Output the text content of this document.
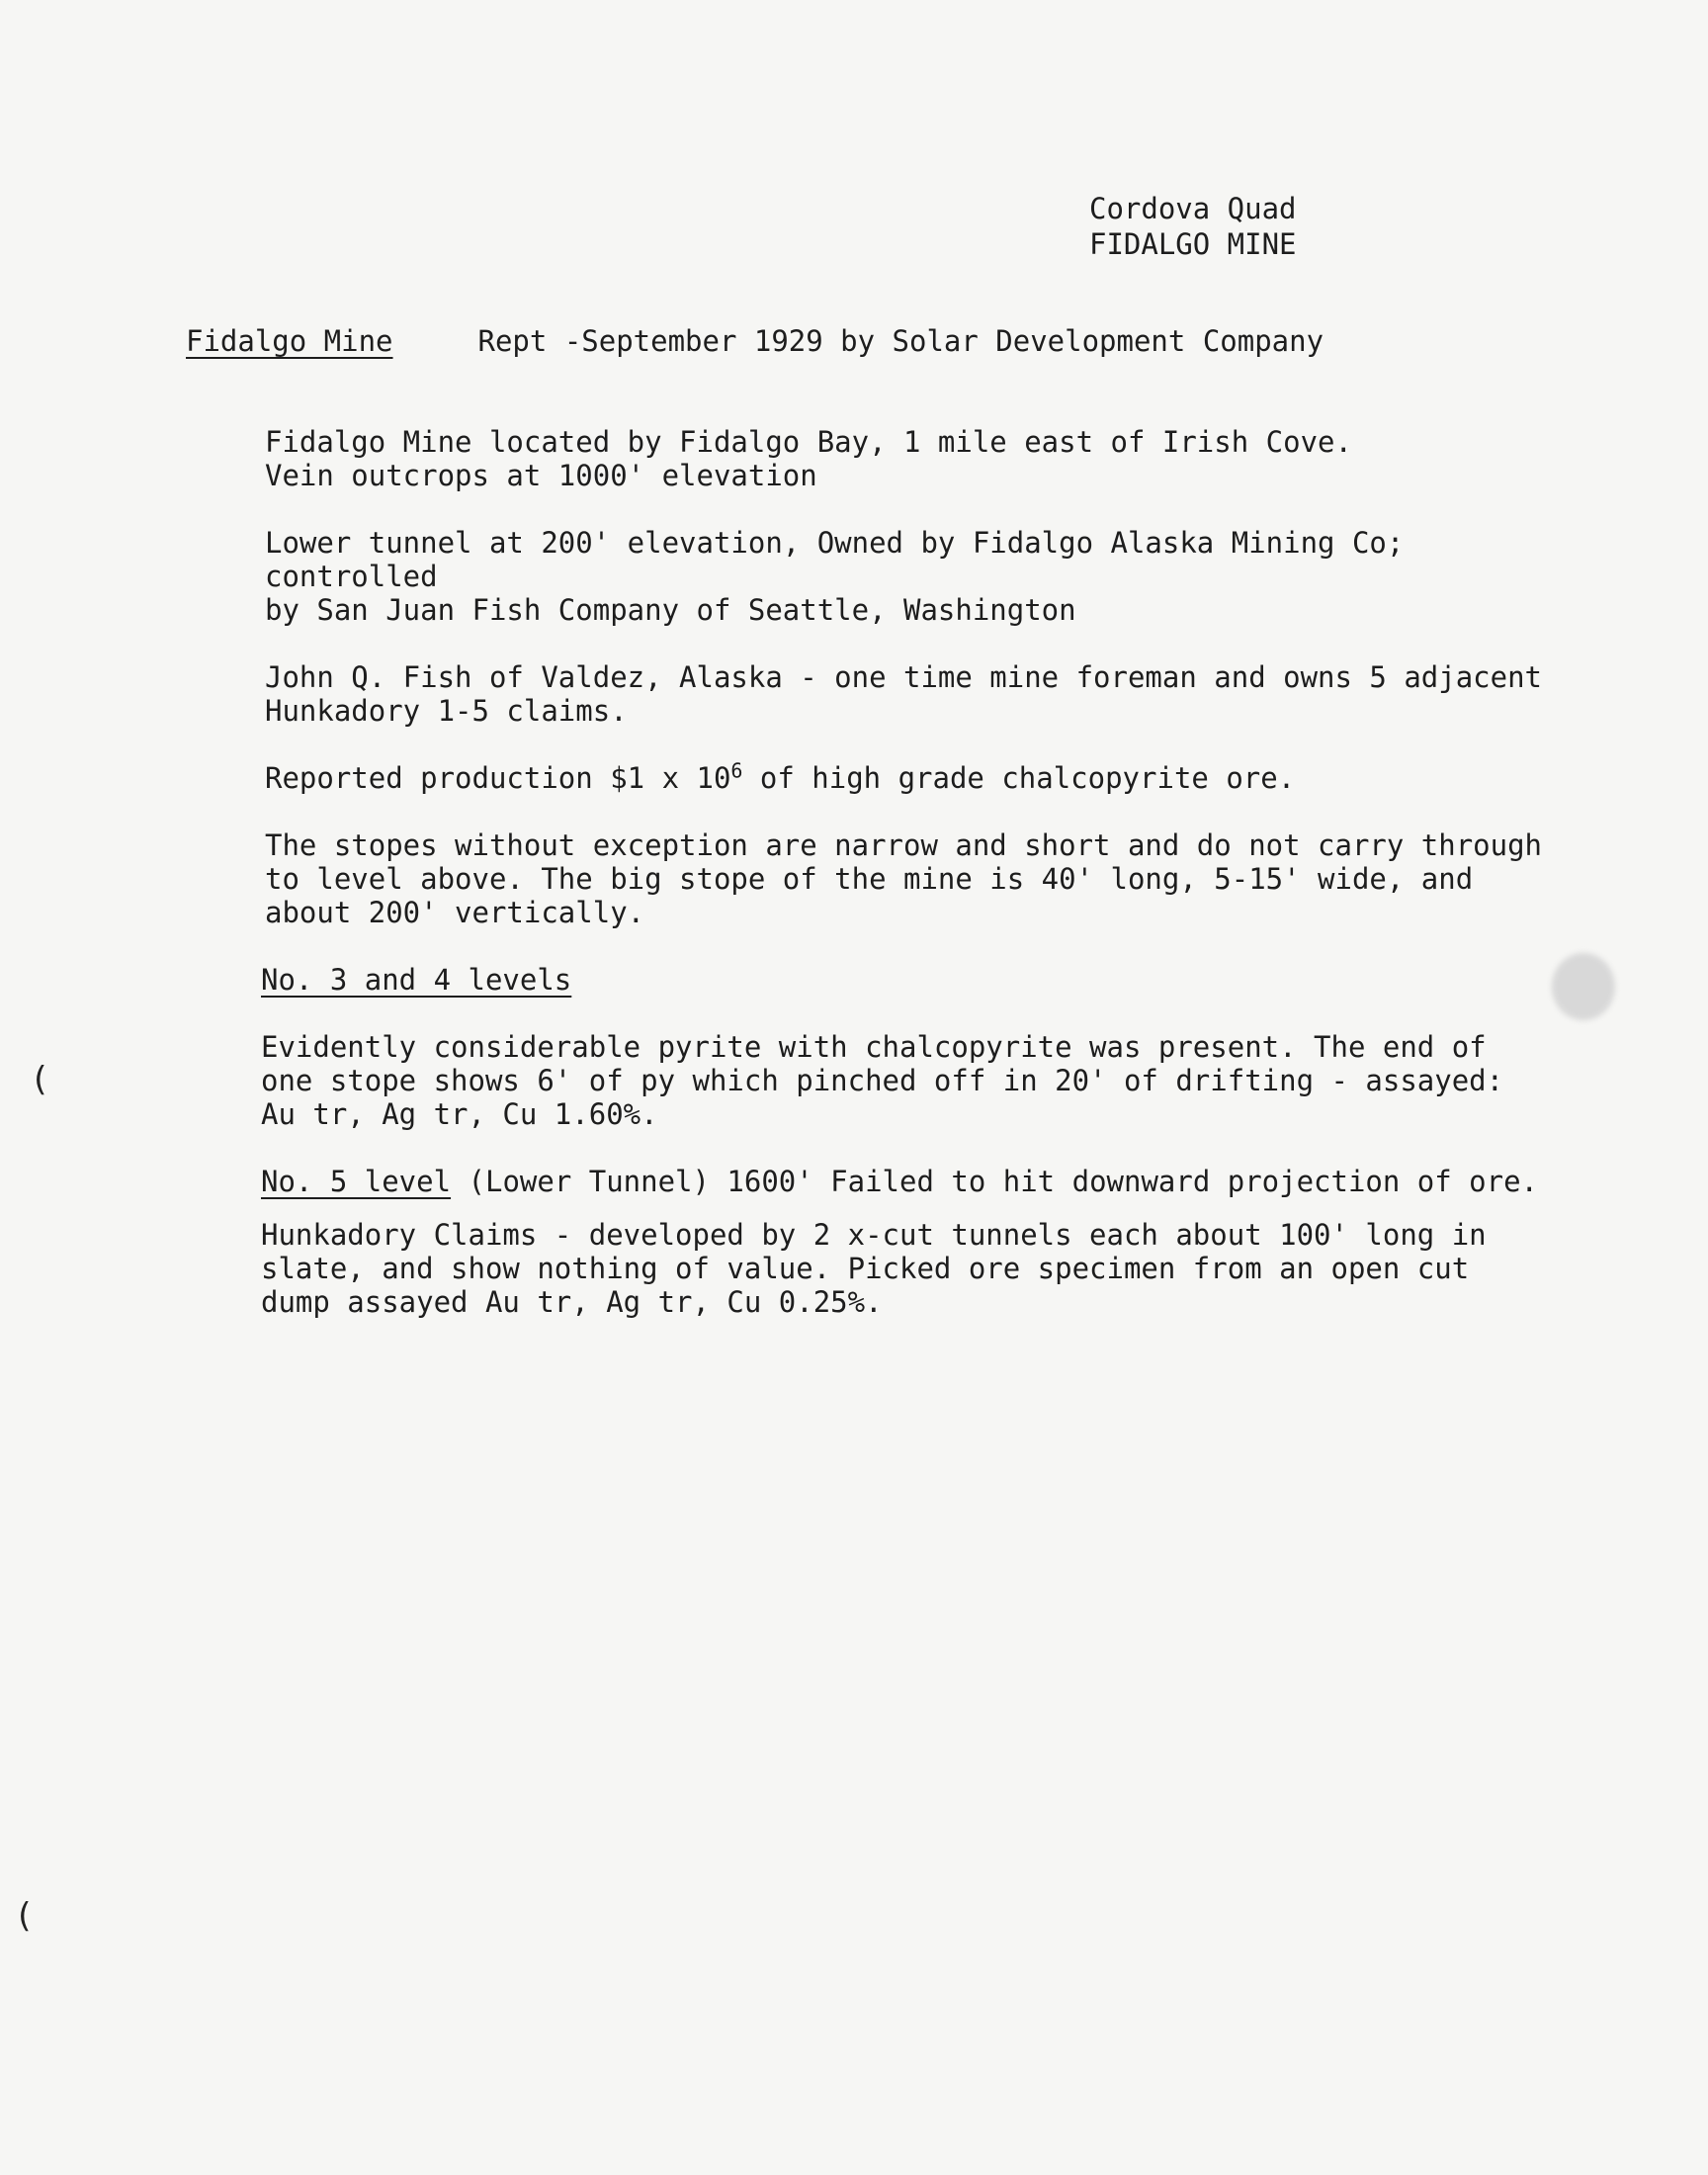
Cordova Quad
FIDALGO MINE
Fidalgo Mine	Rept -September 1929 by Solar Development Company

Fidalgo Mine located by Fidalgo Bay, 1 mile east of Irish Cove.
Vein outcrops at 1000' elevation

Lower tunnel at 200' elevation, Owned by Fidalgo Alaska Mining Co; controlled
by San Juan Fish Company of Seattle, Washington

John Q. Fish of Valdez, Alaska - one time mine foreman and owns 5 adjacent
Hunkadory 1-5 claims.

Reported production $1 x $10^6$ of high grade chalcopyrite ore.

The stopes without exception are narrow and short and do not carry through
to level above. The big stope of the mine is 40' long, 5-15' wide, and
about 200' vertically.

No. 3 and 4 levels

Evidently considerable pyrite with chalcopyrite was present. The end of
one stope shows 6' of py which pinched off in 20' of drifting - assayed:
Au tr, Ag tr, Cu 1.60%.

No. 5 level (Lower Tunnel) 1600' Failed to hit downward projection of ore.

Hunkadory Claims - developed by 2 x-cut tunnels each about 100' long in
slate, and show nothing of value. Picked ore specimen from an open cut
dump assayed Au tr, Ag tr, Cu 0.25%.

(
(
